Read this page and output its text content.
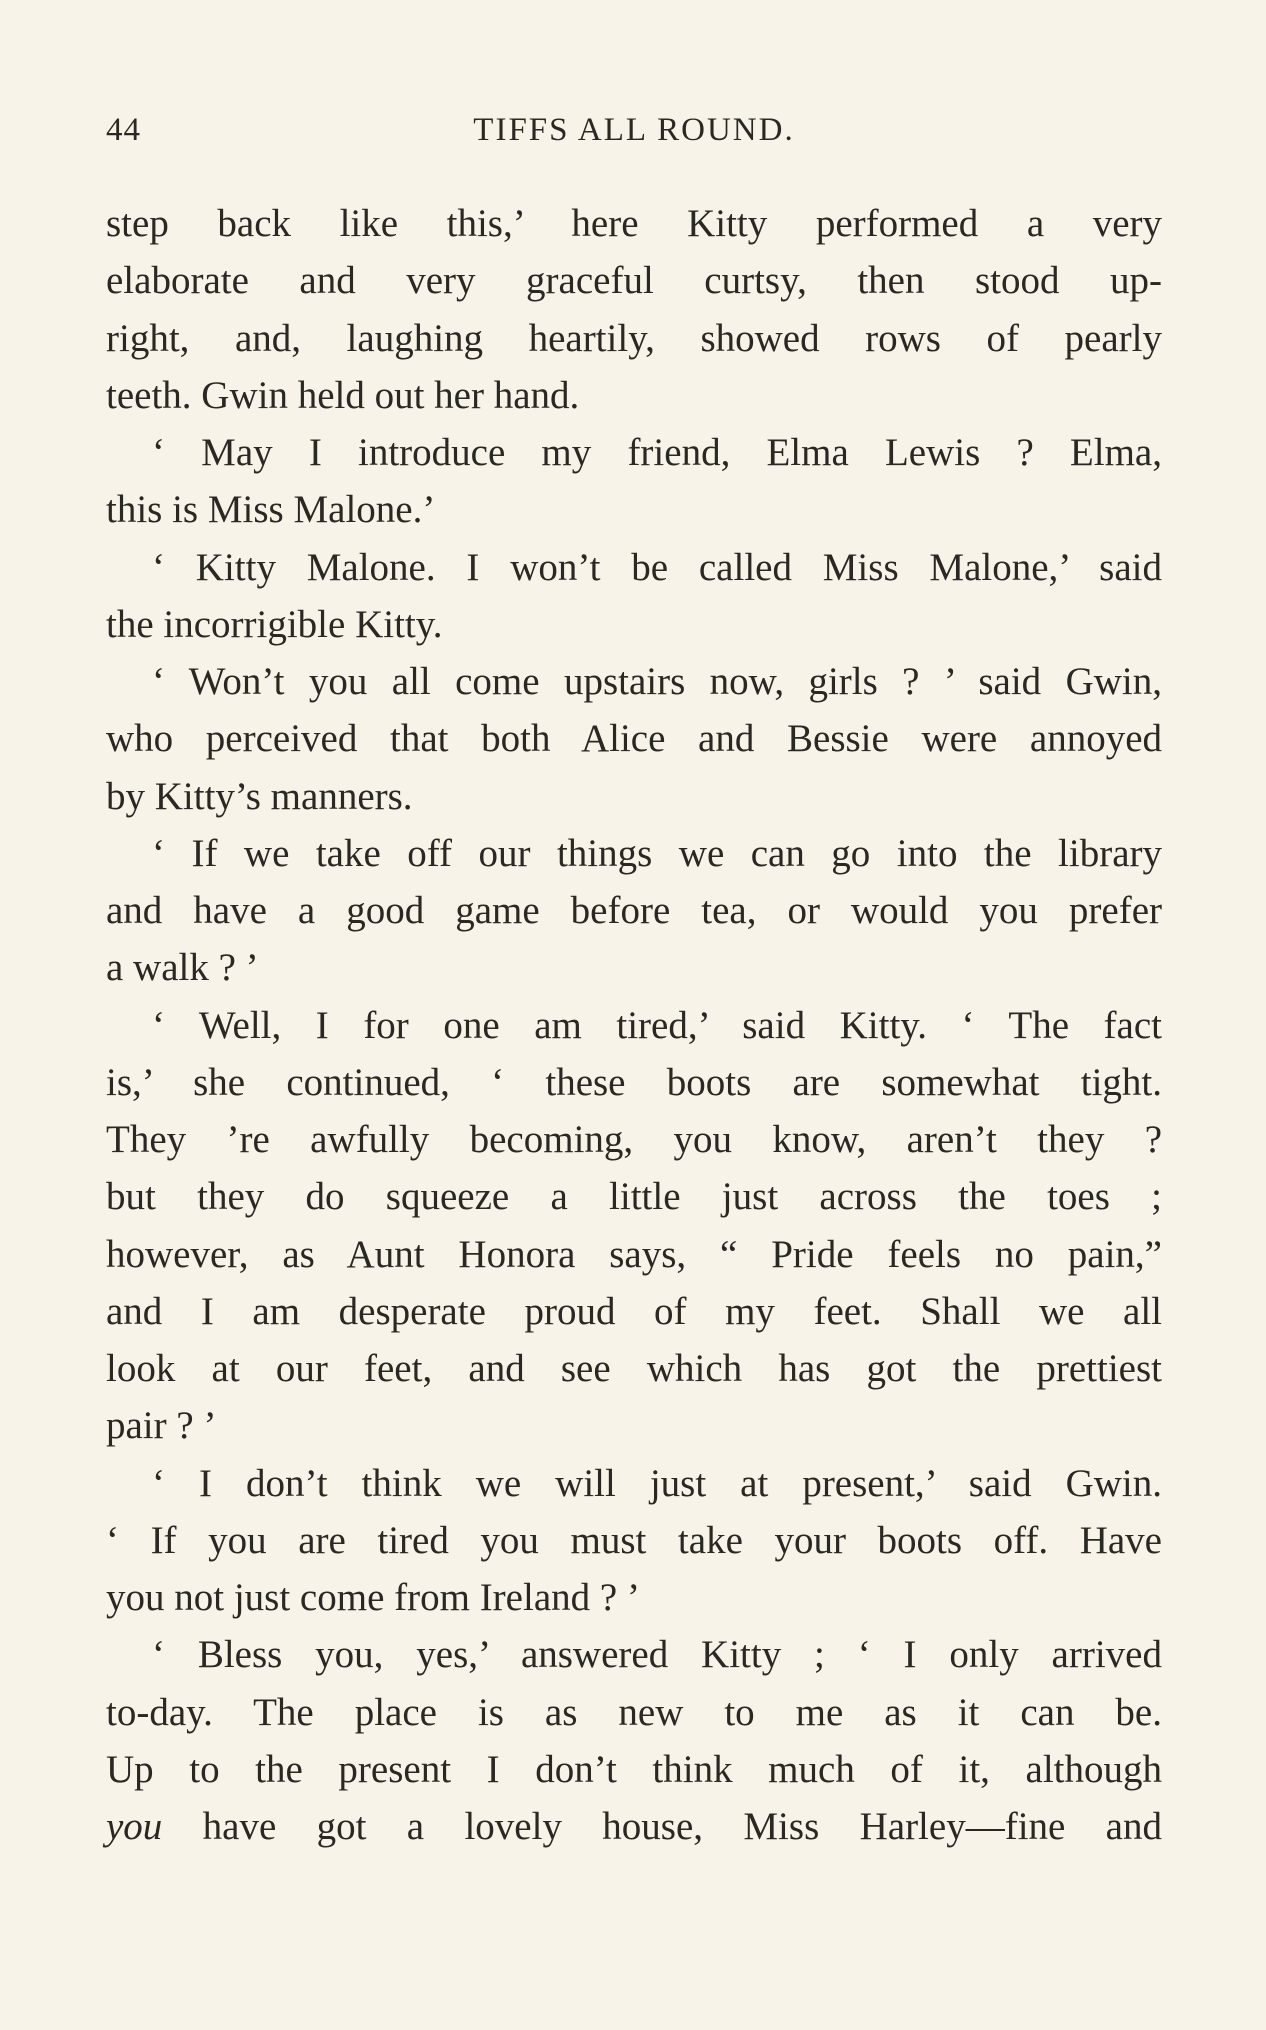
44	TIFFS ALL ROUND.
step back like this,’ here Kitty performed a very
elaborate and very graceful curtsy, then stood up-
right, and, laughing heartily, showed rows of pearly
teeth. Gwin held out her hand.
‘ May I introduce my friend, Elma Lewis ? Elma,
this is Miss Malone.’
‘ Kitty Malone. I won’t be called Miss Malone,’ said
the incorrigible Kitty.
‘ Won’t you all come upstairs now, girls ? ’ said Gwin,
who perceived that both Alice and Bessie were annoyed
by Kitty’s manners.
‘ If we take off our things we can go into the library
and have a good game before tea, or would you prefer
a walk ? ’
‘ Well, I for one am tired,’ said Kitty. ‘ The fact
is,’ she continued, ‘ these boots are somewhat tight.
They ’re awfully becoming, you know, aren’t they ?
but they do squeeze a little just across the toes ;
however, as Aunt Honora says, “ Pride feels no pain,”
and I am desperate proud of my feet. Shall we all
look at our feet, and see which has got the prettiest
pair ? ’
‘ I don’t think we will just at present,’ said Gwin.
‘ If you are tired you must take your boots off. Have
you not just come from Ireland ? ’
‘ Bless you, yes,’ answered Kitty ; ‘ I only arrived
to-day. The place is as new to me as it can be.
Up to the present I don’t think much of it, although
you have got a lovely house, Miss Harley—fine and
